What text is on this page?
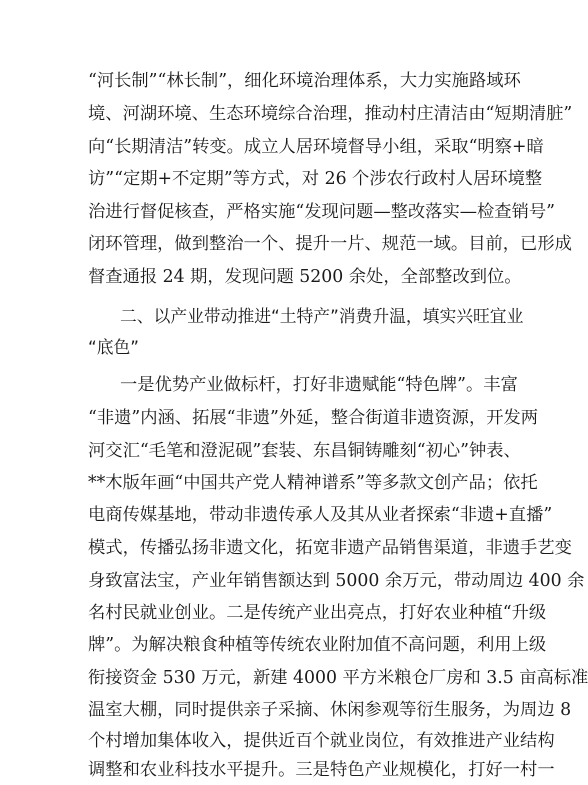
“河长制”“林长制”，细化环境治理体系，大力实施路域环
境、河湖环境、生态环境综合治理，推动村庄清洁由“短期清脏”
向“长期清洁”转变。成立人居环境督导小组，采取“明察+暗
访”“定期+不定期”等方式，对 26 个涉农行政村人居环境整
治进行督促核查，严格实施“发现问题—整改落实—检查销号”
闭环管理，做到整治一个、提升一片、规范一域。目前，已形成
督查通报 24 期，发现问题 5200 余处，全部整改到位。
二、以产业带动推进“土特产”消费升温，填实兴旺宜业
“底色”
一是优势产业做标杆，打好非遗赋能“特色牌”。丰富
“非遗”内涵、拓展“非遗”外延，整合街道非遗资源，开发两
河交汇“毛笔和澄泥砚”套装、东昌铜铸雕刻“初心”钟表、
**木版年画“中国共产党人精神谱系”等多款文创产品；依托
电商传媒基地，带动非遗传承人及其从业者探索“非遗+直播”
模式，传播弘扬非遗文化，拓宽非遗产品销售渠道，非遗手艺变
身致富法宝，产业年销售额达到 5000 余万元，带动周边 400 余
名村民就业创业。二是传统产业出亮点，打好农业种植“升级
牌”。为解决粮食种植等传统农业附加值不高问题，利用上级
衔接资金 530 万元，新建 4000 平方米粮仓厂房和 3.5 亩高标准
温室大棚，同时提供亲子采摘、休闲参观等衍生服务，为周边 8
个村增加集体收入，提供近百个就业岗位，有效推进产业结构
调整和农业科技水平提升。三是特色产业规模化，打好一村一
